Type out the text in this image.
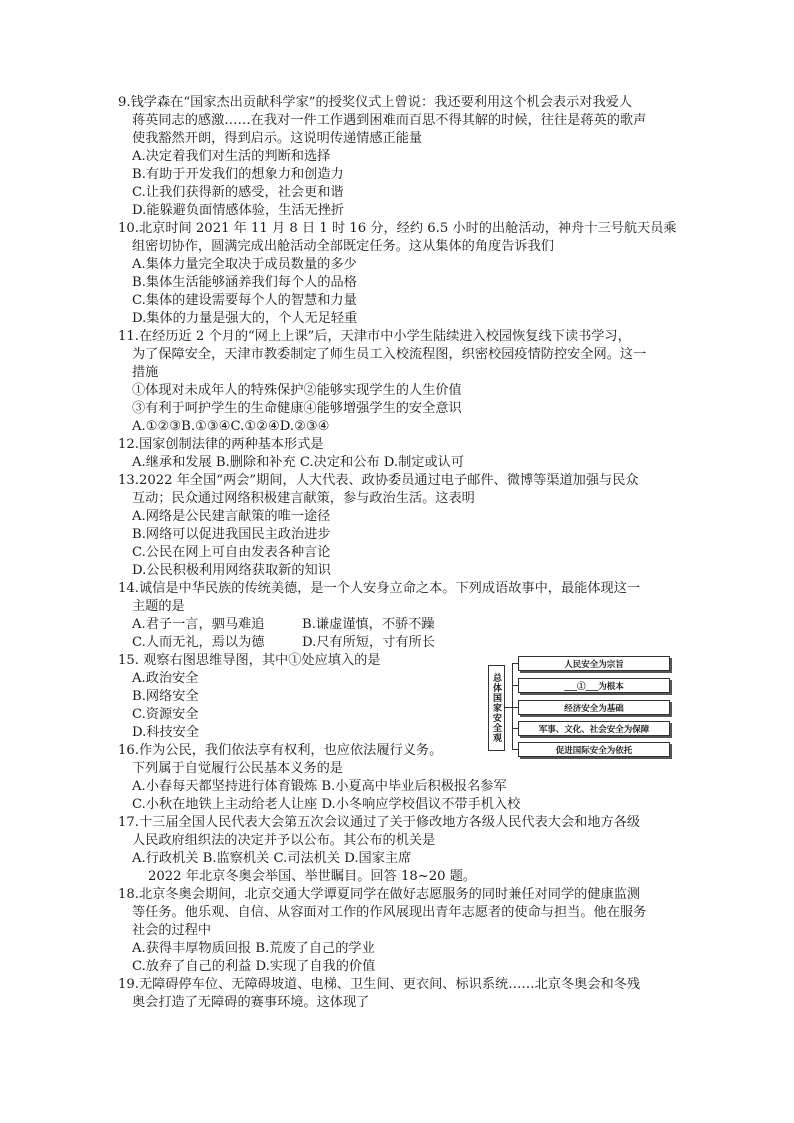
9.钱学森在“国家杰出贡献科学家”的授奖仪式上曾说：我还要利用这个机会表示对我爱人
蒋英同志的感激……在我对一件工作遇到困难而百思不得其解的时候，往往是蒋英的歌声
使我豁然开朗，得到启示。这说明传递情感正能量
A.决定着我们对生活的判断和选择
B.有助于开发我们的想象力和创造力
C.让我们获得新的感受，社会更和谐
D.能躲避负面情感体验，生活无挫折
10.北京时间 2021 年 11 月 8 日 1 时 16 分，经约 6.5 小时的出舱活动，神舟十三号航天员乘
组密切协作，圆满完成出舱活动全部既定任务。这从集体的角度告诉我们
A.集体力量完全取决于成员数量的多少
B.集体生活能够涵养我们每个人的品格
C.集体的建设需要每个人的智慧和力量
D.集体的力量是强大的，个人无足轻重
11.在经历近 2 个月的“网上上课”后，天津市中小学生陆续进入校园恢复线下读书学习，
为了保障安全，天津市教委制定了师生员工入校流程图，织密校园疫情防控安全网。这一
措施
①体现对未成年人的特殊保护②能够实现学生的人生价值
③有利于呵护学生的生命健康④能够增强学生的安全意识
A.①②③B.①③④C.①②④D.②③④
12.国家创制法律的两种基本形式是
A.继承和发展 B.删除和补充 C.决定和公布 D.制定或认可
13.2022 年全国“两会”期间，人大代表、政协委员通过电子邮件、微博等渠道加强与民众
互动；民众通过网络积极建言献策，参与政治生活。这表明
A.网络是公民建言献策的唯一途径
B.网络可以促进我国民主政治进步
C.公民在网上可自由发表各种言论
D.公民积极利用网络获取新的知识
14.诚信是中华民族的传统美德，是一个人安身立命之本。下列成语故事中，最能体现这一
主题的是
A.君子一言，驷马难追	B.谦虚谨慎，不骄不躁
C.人而无礼，焉以为德	D.尺有所短，寸有所长
15. 观察右图思维导图，其中①处应填入的是
A.政治安全
B.网络安全
C.资源安全
D.科技安全
16.作为公民，我们依法享有权利，也应依法履行义务。
下列属于自觉履行公民基本义务的是
A.小春每天都坚持进行体育锻炼 B.小夏高中毕业后积极报名参军
C.小秋在地铁上主动给老人让座 D.小冬响应学校倡议不带手机入校
17.十三届全国人民代表大会第五次会议通过了关于修改地方各级人民代表大会和地方各级
人民政府组织法的决定并予以公布。其公布的机关是
A.行政机关 B.监察机关 C.司法机关 D.国家主席
2022 年北京冬奥会举国、举世瞩目。回答 18~20 题。
18.北京冬奥会期间，北京交通大学谭夏同学在做好志愿服务的同时兼任对同学的健康监测
等任务。他乐观、自信、从容面对工作的作风展现出青年志愿者的使命与担当。他在服务
社会的过程中
A.获得丰厚物质回报 B.荒废了自己的学业
C.放弃了自己的利益 D.实现了自我的价值
19.无障碍停车位、无障碍坡道、电梯、卫生间、更衣间、标识系统……北京冬奥会和冬残
奥会打造了无障碍的赛事环境。这体现了
总体国家安全观
人民安全为宗旨
___①___为根本
经济安全为基础
军事、文化、社会安全为保障
促进国际安全为依托
